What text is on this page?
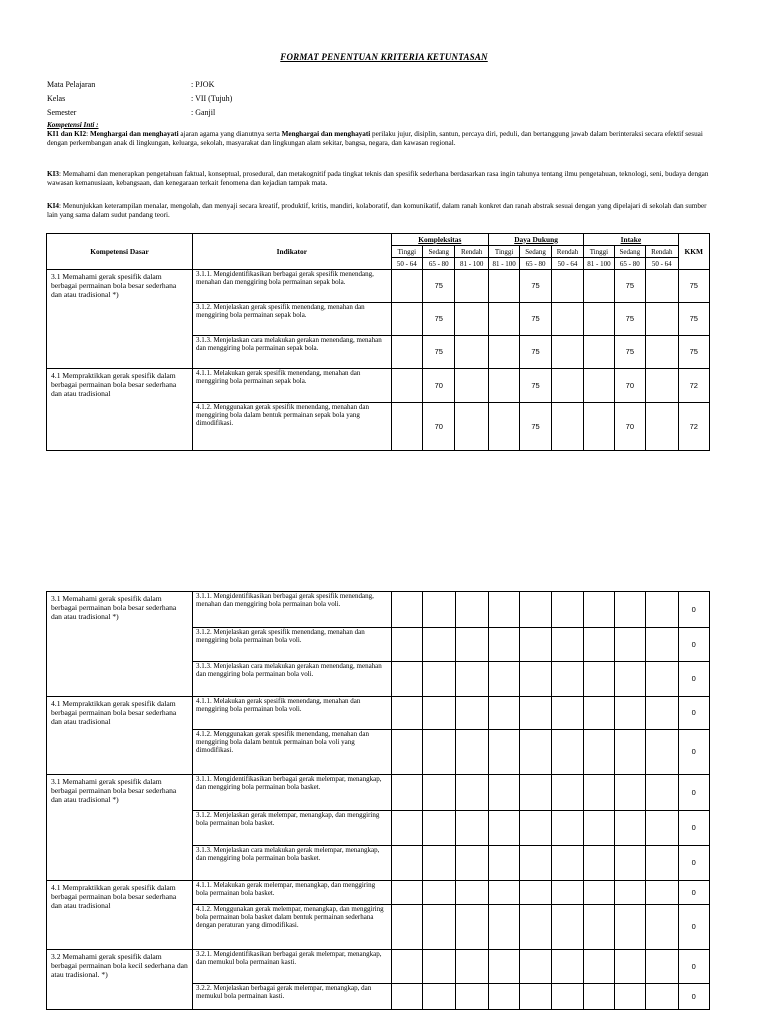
FORMAT PENENTUAN KRITERIA KETUNTASAN
Mata Pelajaran	: PJOK
Kelas	: VII (Tujuh)
Semester	: Ganjil
Kompetensi Inti :
KI1 dan KI2: Menghargai dan menghayati ajaran agama yang dianutnya serta Menghargai dan menghayati perilaku jujur, disiplin, santun, percaya diri, peduli, dan bertanggung jawab dalam berinteraksi secara efektif sesuai dengan perkembangan anak di lingkungan, keluarga, sekolah, masyarakat dan lingkungan alam sekitar, bangsa, negara, dan kawasan regional.
KI3: Memahami dan menerapkan pengetahuan faktual, konseptual, prosedural, dan metakognitif pada tingkat teknis dan spesifik sederhana berdasarkan rasa ingin tahunya tentang ilmu pengetahuan, teknologi, seni, budaya dengan wawasan kemanusiaan, kebangsaan, dan kenegaraan terkait fenomena dan kejadian tampak mata.
KI4: Menunjukkan keterampilan menalar, mengolah, dan menyaji secara kreatif, produktif, kritis, mandiri, kolaboratif, dan komunikatif, dalam ranah konkret dan ranah abstrak sesuai dengan yang dipelajari di sekolah dan sumber lain yang sama dalam sudut pandang teori.
Kompetensi Dasar	Indikator	Kompleksitas			Daya Dukung			Intake			KKM
		Tinggi	Sedang	Rendah	Tinggi	Sedang	Rendah	Tinggi	Sedang	Rendah	
		50 - 64	65 - 80	81 - 100	81 - 100	65 - 80	50 - 64	81 - 100	65 - 80	50 - 64	
3.1 Memahami gerak spesifik dalam berbagai permainan bola besar sederhana dan atau tradisional *)	3.1.1. Mengidentifikasikan berbagai gerak spesifik menendang, menahan dan menggiring bola permainan sepak bola.		75			75			75		75
	3.1.2. Menjelaskan gerak spesifik menendang, menahan dan menggiring bola permainan sepak bola.		75			75			75		75
	3.1.3. Menjelaskan cara melakukan gerakan menendang, menahan dan menggiring bola permainan sepak bola.		75			75			75		75
4.1 Mempraktikkan gerak spesifik dalam berbagai permainan bola besar sederhana dan atau tradisional	4.1.1. Melakukan gerak spesifik menendang, menahan dan menggiring bola permainan sepak bola.		70			75			70		72
	4.1.2. Menggunakan gerak spesifik menendang, menahan dan menggiring bola dalam bentuk permainan sepak bola yang dimodifikasi.		70			75			70		72
3.1 Memahami gerak spesifik dalam berbagai permainan bola besar sederhana dan atau tradisional *)	3.1.1. Mengidentifikasikan berbagai gerak spesifik menendang, menahan dan menggiring bola permainan bola voli.										0
	3.1.2. Menjelaskan gerak spesifik menendang, menahan dan menggiring bola permainan bola voli.										0
	3.1.3. Menjelaskan cara melakukan gerakan menendang, menahan dan menggiring bola permainan bola voli.										0
4.1 Mempraktikkan gerak spesifik dalam berbagai permainan bola besar sederhana dan atau tradisional	4.1.1. Melakukan gerak spesifik menendang, menahan dan menggiring bola permainan bola voli.										0
	4.1.2. Menggunakan gerak spesifik menendang, menahan dan menggiring bola dalam bentuk permainan bola voli yang dimodifikasi.										0
3.1 Memahami gerak spesifik dalam berbagai permainan bola besar sederhana dan atau tradisional *)	3.1.1. Mengidentifikasikan berbagai gerak melempar, menangkap, dan menggiring bola permainan bola basket.										0
	3.1.2. Menjelaskan gerak melempar, menangkap, dan menggiring bola permainan bola basket.										0
	3.1.3. Menjelaskan cara melakukan gerak melempar, menangkap, dan menggiring bola permainan bola basket.										0
4.1 Mempraktikkan gerak spesifik dalam berbagai permainan bola besar sederhana dan atau tradisional	4.1.1. Melakukan gerak melempar, menangkap, dan menggiring bola permainan bola basket.										0
	4.1.2. Menggunakan gerak melempar, menangkap, dan menggiring bola permainan bola basket dalam bentuk permainan sederhana dengan peraturan yang dimodifikasi.										0
3.2 Memahami gerak spesifik dalam berbagai permainan bola kecil sederhana dan atau tradisional. *)	3.2.1. Mengidentifikasikan berbagai gerak melempar, menangkap, dan memukul bola permainan kasti.										0
	3.2.2. Menjelaskan berbagai gerak melempar, menangkap, dan memukul bola permainan kasti.										0
